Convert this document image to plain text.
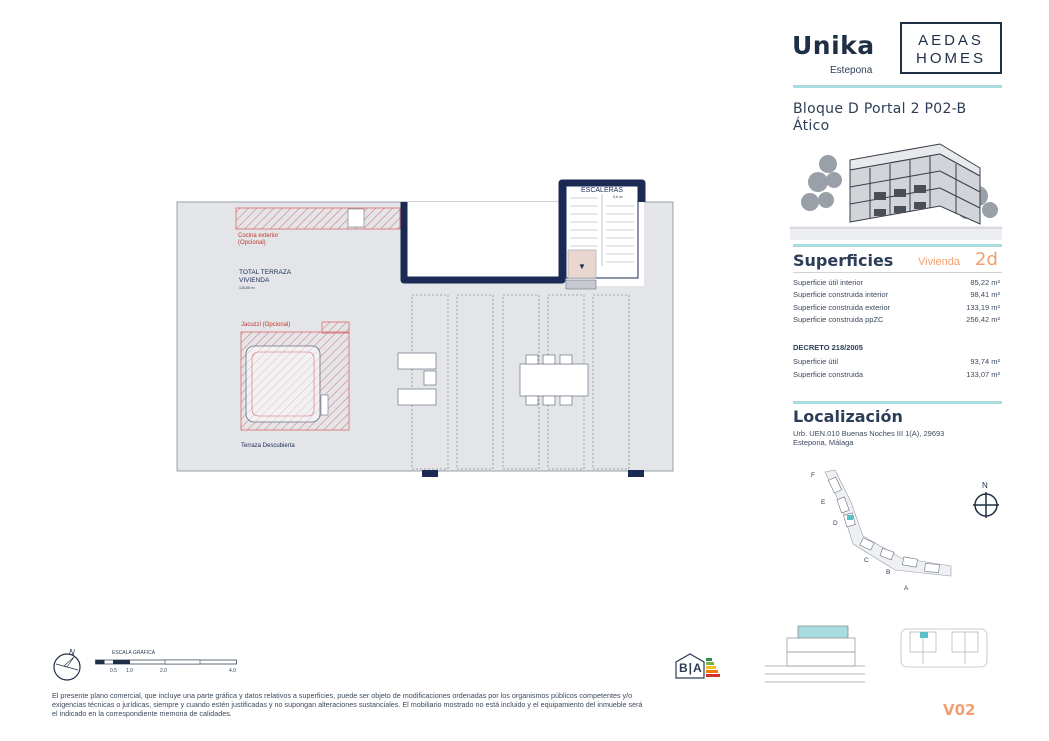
▼
ESCALERAS
9,6 m²
Cocina exterior
(Opcional)
TOTAL TERRAZA
VIVIENDA
126,85 m²
Jacuzzi (Opcional)
Terraza Descubierta
Unika
Estepona
AEDAS
HOMES
Bloque D Portal 2 P02-B
Ático
Superficies Vivienda 2d
Superficie útil interior	85,22 m²
Superficie construida interior	98,41 m²
Superficie construida exterior	133,19 m²
Superficie construida ppZC	256,42 m²
DECRETO 218/2005
Superficie útil	93,74 m²
Superficie construida	133,07 m²
Localización
Urb. UEN.010 Buenas Noches III 1(A), 29693
Estepona, Málaga
F
E
D
C
B
A
N
V02
N	ESCALA GRÁFICA
0.5 1.0	2.0	4.0	B|A
El presente plano comercial, que incluye una parte gráfica y datos relativos a superficies, puede ser objeto de modificaciones ordenadas por los organismos públicos competentes y/o
exigencias técnicas o jurídicas, siempre y cuando estén justificadas y no supongan alteraciones sustanciales. El mobiliario mostrado no está incluido y el equipamiento del inmueble será
el indicado en la correspondiente memoria de calidades.
